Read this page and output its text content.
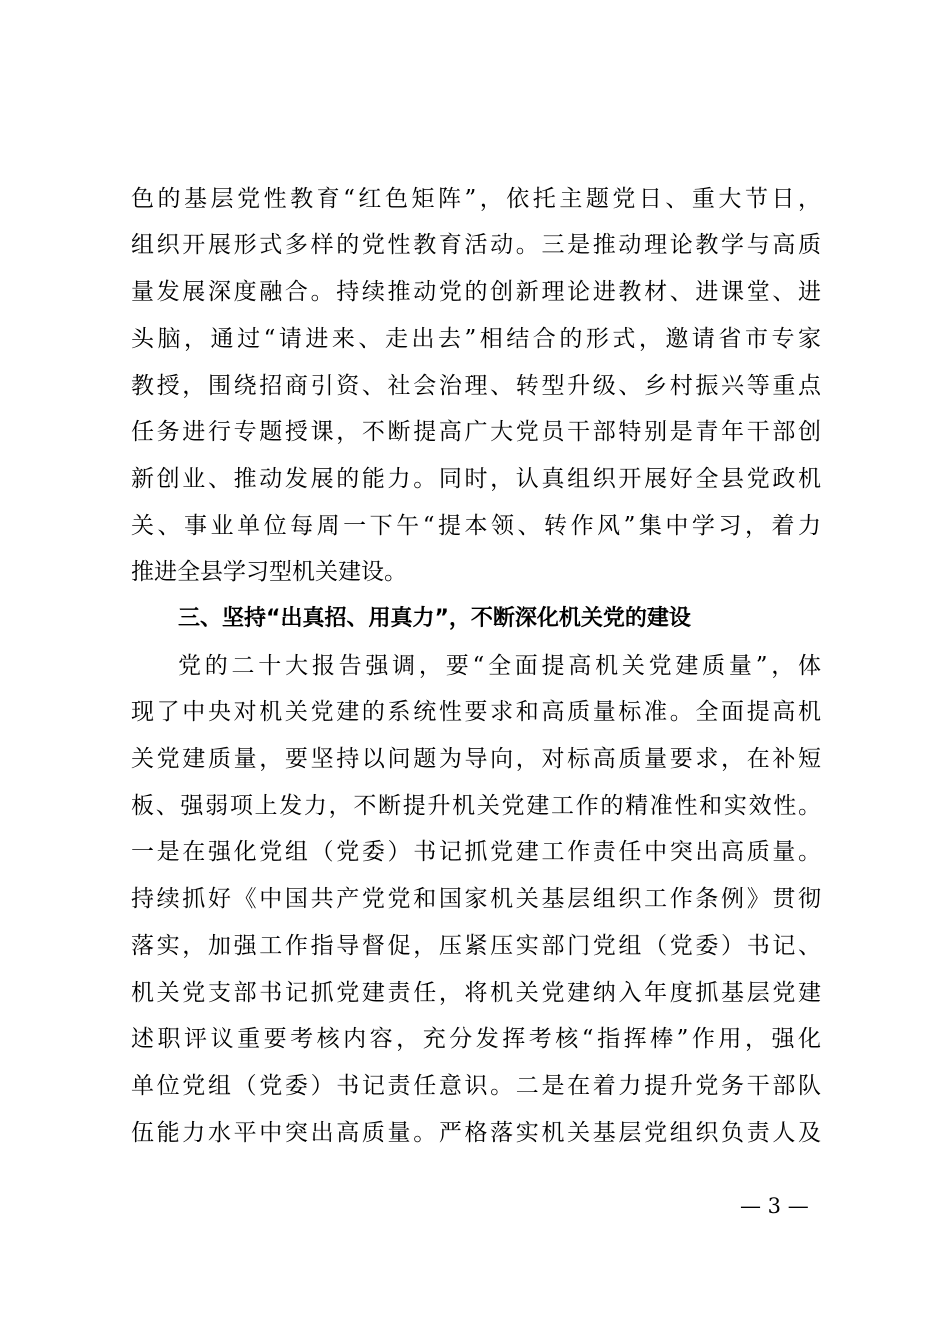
色的基层党性教育“红色矩阵”，依托主题党日、重大节日，
组织开展形式多样的党性教育活动。三是推动理论教学与高质
量发展深度融合。持续推动党的创新理论进教材、进课堂、进
头脑，通过“请进来、走出去”相结合的形式，邀请省市专家
教授，围绕招商引资、社会治理、转型升级、乡村振兴等重点
任务进行专题授课，不断提高广大党员干部特别是青年干部创
新创业、推动发展的能力。同时，认真组织开展好全县党政机
关、事业单位每周一下午“提本领、转作风”集中学习，着力
推进全县学习型机关建设。
三、坚持“出真招、用真力”，不断深化机关党的建设
党的二十大报告强调，要“全面提高机关党建质量”，体
现了中央对机关党建的系统性要求和高质量标准。全面提高机
关党建质量，要坚持以问题为导向，对标高质量要求，在补短
板、强弱项上发力，不断提升机关党建工作的精准性和实效性。
一是在强化党组（党委）书记抓党建工作责任中突出高质量。
持续抓好《中国共产党党和国家机关基层组织工作条例》贯彻
落实，加强工作指导督促，压紧压实部门党组（党委）书记、
机关党支部书记抓党建责任，将机关党建纳入年度抓基层党建
述职评议重要考核内容，充分发挥考核“指挥棒”作用，强化
单位党组（党委）书记责任意识。二是在着力提升党务干部队
伍能力水平中突出高质量。严格落实机关基层党组织负责人及
— 3 —
